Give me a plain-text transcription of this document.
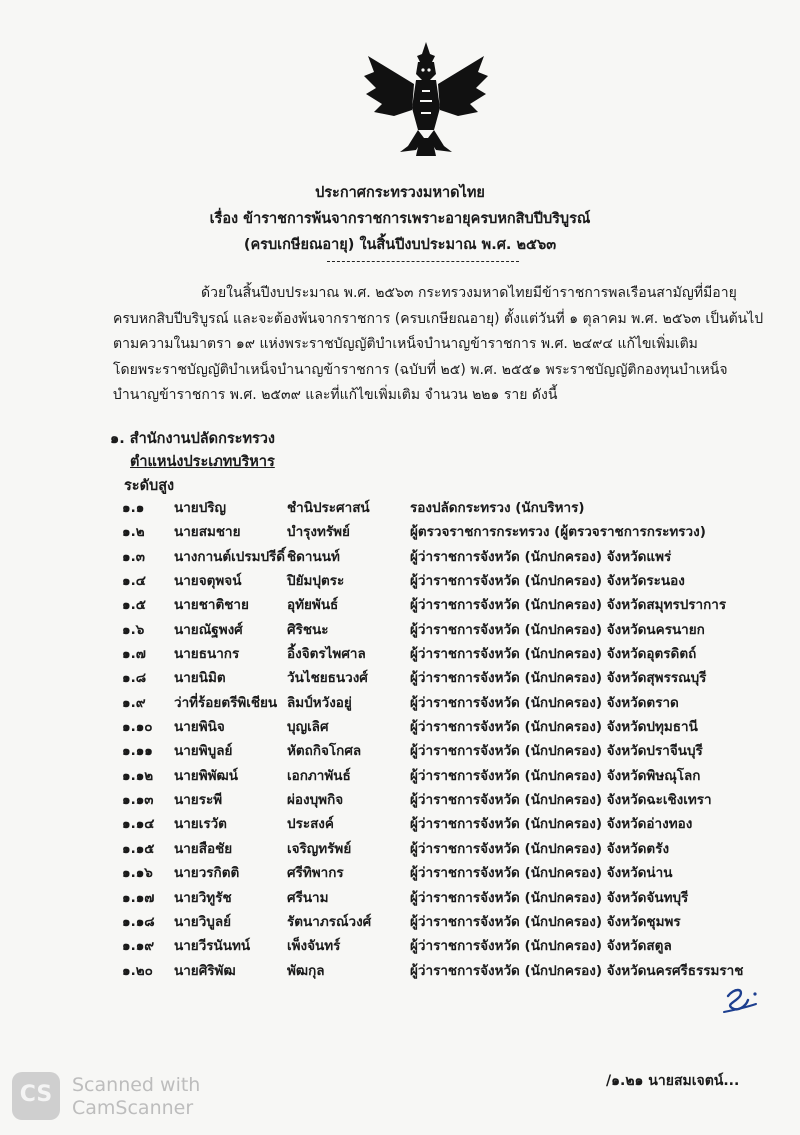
ประกาศกระทรวงมหาดไทย
เรื่อง ข้าราชการพ้นจากราชการเพราะอายุครบหกสิบปีบริบูรณ์
(ครบเกษียณอายุ) ในสิ้นปีงบประมาณ พ.ศ. ๒๕๖๓
ด้วยในสิ้นปีงบประมาณ พ.ศ. ๒๕๖๓ กระทรวงมหาดไทยมีข้าราชการพลเรือนสามัญที่มีอายุ
ครบหกสิบปีบริบูรณ์ และจะต้องพ้นจากราชการ (ครบเกษียณอายุ) ตั้งแต่วันที่ ๑ ตุลาคม พ.ศ. ๒๕๖๓ เป็นต้นไป
ตามความในมาตรา ๑๙ แห่งพระราชบัญญัติบำเหน็จบำนาญข้าราชการ พ.ศ. ๒๔๙๔ แก้ไขเพิ่มเติม
โดยพระราชบัญญัติบำเหน็จบำนาญข้าราชการ (ฉบับที่ ๒๕) พ.ศ. ๒๕๕๑ พระราชบัญญัติกองทุนบำเหน็จ
บำนาญข้าราชการ พ.ศ. ๒๕๓๙ และที่แก้ไขเพิ่มเติม จำนวน ๒๒๑ ราย ดังนี้
๑. สำนักงานปลัดกระทรวง
ตำแหน่งประเภทบริหาร
ระดับสูง
๑.๑ นายปริญ	ชำนิประศาสน์	รองปลัดกระทรวง (นักบริหาร)
๑.๒ นายสมชาย	บำรุงทรัพย์	ผู้ตรวจราชการกระทรวง (ผู้ตรวจราชการกระทรวง)
๑.๓ นางกานต์เปรมปรีดิ์ ชิดานนท์	ผู้ว่าราชการจังหวัด (นักปกครอง) จังหวัดแพร่
๑.๔ นายจตุพจน์	ปิยัมปุตระ	ผู้ว่าราชการจังหวัด (นักปกครอง) จังหวัดระนอง
๑.๕ นายชาติชาย	อุทัยพันธ์	ผู้ว่าราชการจังหวัด (นักปกครอง) จังหวัดสมุทรปราการ
๑.๖ นายณัฐพงศ์	ศิริชนะ	ผู้ว่าราชการจังหวัด (นักปกครอง) จังหวัดนครนายก
๑.๗ นายธนากร	อิ้งจิตรไพศาล	ผู้ว่าราชการจังหวัด (นักปกครอง) จังหวัดอุตรดิตถ์
๑.๘ นายนิมิต	วันไชยธนวงศ์	ผู้ว่าราชการจังหวัด (นักปกครอง) จังหวัดสุพรรณบุรี
๑.๙ ว่าที่ร้อยตรีพิเชียน ลิมป์หวังอยู่	ผู้ว่าราชการจังหวัด (นักปกครอง) จังหวัดตราด
๑.๑๐ นายพินิจ	บุญเลิศ	ผู้ว่าราชการจังหวัด (นักปกครอง) จังหวัดปทุมธานี
๑.๑๑ นายพิบูลย์	หัตถกิจโกศล	ผู้ว่าราชการจังหวัด (นักปกครอง) จังหวัดปราจีนบุรี
๑.๑๒ นายพิพัฒน์	เอกภาพันธ์	ผู้ว่าราชการจังหวัด (นักปกครอง) จังหวัดพิษณุโลก
๑.๑๓ นายระพี	ผ่องบุพกิจ	ผู้ว่าราชการจังหวัด (นักปกครอง) จังหวัดฉะเชิงเทรา
๑.๑๔ นายเรวัต	ประสงค์	ผู้ว่าราชการจังหวัด (นักปกครอง) จังหวัดอ่างทอง
๑.๑๕ นายสือชัย	เจริญทรัพย์	ผู้ว่าราชการจังหวัด (นักปกครอง) จังหวัดตรัง
๑.๑๖ นายวรกิตติ	ศรีทิพากร	ผู้ว่าราชการจังหวัด (นักปกครอง) จังหวัดน่าน
๑.๑๗ นายวิทูรัช	ศรีนาม	ผู้ว่าราชการจังหวัด (นักปกครอง) จังหวัดจันทบุรี
๑.๑๘ นายวิบูลย์	รัตนาภรณ์วงศ์	ผู้ว่าราชการจังหวัด (นักปกครอง) จังหวัดชุมพร
๑.๑๙ นายวีรนันทน์	เพ็งจันทร์	ผู้ว่าราชการจังหวัด (นักปกครอง) จังหวัดสตูล
๑.๒๐ นายศิริพัฒ	พัฒกุล	ผู้ว่าราชการจังหวัด (นักปกครอง) จังหวัดนครศรีธรรมราช
/๑.๒๑ นายสมเจตน์...
CS	Scanned with
CamScanner
